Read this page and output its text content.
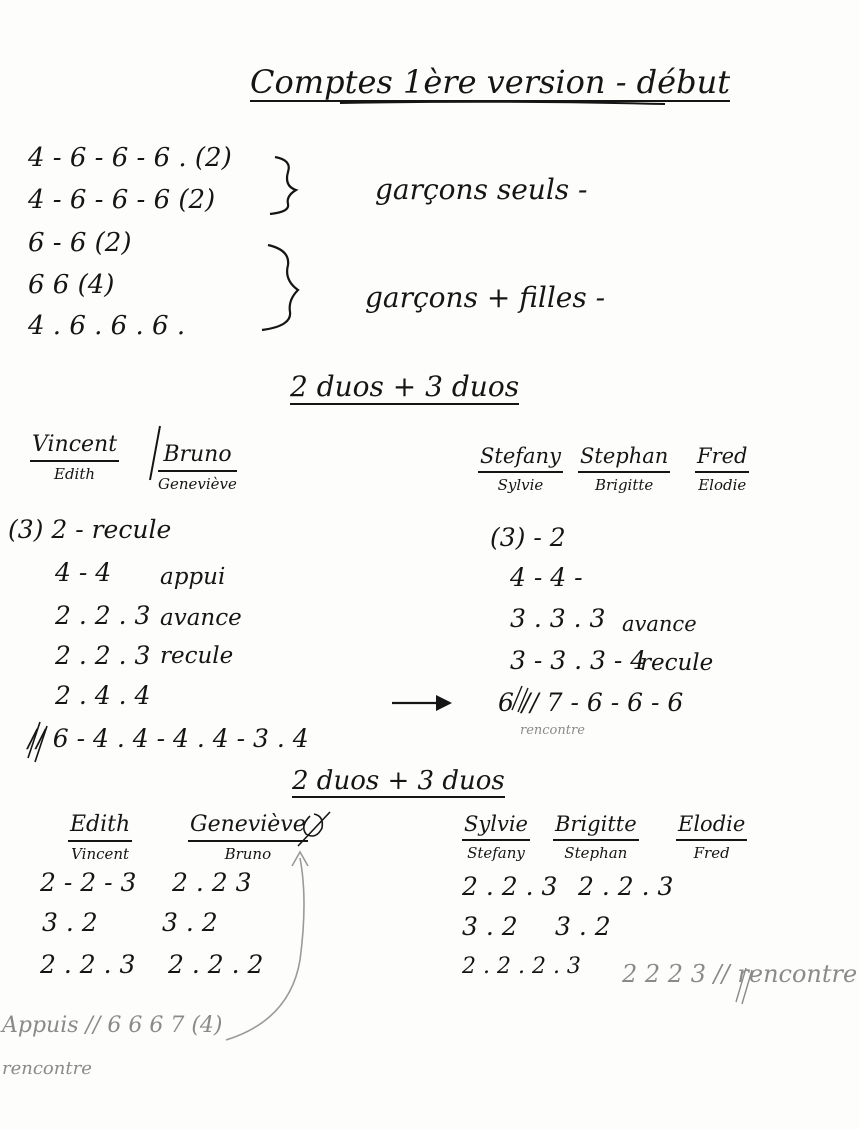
Comptes 1ère version - début
4 - 6 - 6 - 6 . (2)
4 - 6 - 6 - 6 (2)
6 - 6 (2)
6 6 (4)
4 . 6 . 6 . 6 .
garçons seuls -
garçons + filles -
2 duos + 3 duos
Vincent
Edith
Bruno
Geneviève
(3) 2 - recule
4 - 4 appui
2 . 2 . 3 avance
2 . 2 . 3 recule
2 . 4 . 4
// 6 - 4 . 4 - 4 . 4 - 3 . 4
Stefany
Sylvie
Stephan
Brigitte
Fred
Elodie
(3) - 2
4 - 4 -
3 . 3 . 3 avance
3 - 3 . 3 - 4
recule
6 // 7 - 6 - 6 - 6
rencontre
2 duos + 3 duos
Edith
Vincent
Geneviève
Bruno
2 - 2 - 3 2 . 2 3
3 . 2	3 . 2
2 . 2 . 3 2 . 2 . 2
Sylvie
Stefany
Brigitte
Stephan
Elodie
Fred
2 . 2 . 3 2 . 2 . 3
3 . 2 3 . 2
2 . 2 . 2 . 3 2 2 2 3 // rencontre
Appuis // 6 6 6 7 (4)
rencontre
